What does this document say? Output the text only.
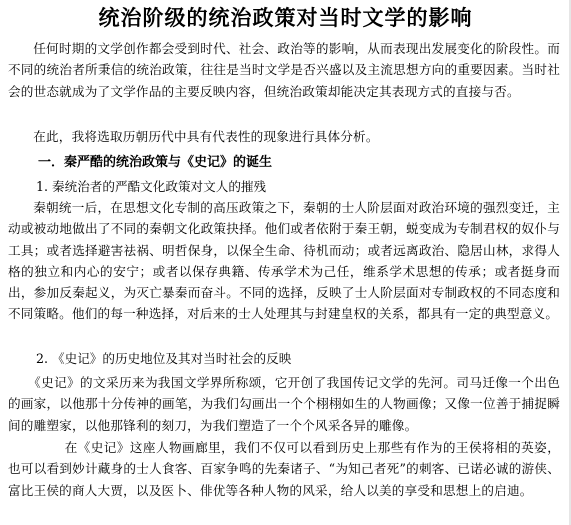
统治阶级的统治政策对当时文学的影响

任何时期的文学创作都会受到时代、社会、政治等的影响，从而表现出发展变化的阶段性。而不同的统治者所秉信的统治政策，往往是当时文学是否兴盛以及主流思想方向的重要因素。当时社会的世态就成为了文学作品的主要反映内容，但统治政策却能决定其表现方式的直接与否。

在此，我将选取历朝历代中具有代表性的现象进行具体分析。

一．秦严酷的统治政策与《史记》的诞生
1. 秦统治者的严酷文化政策对文人的摧残

秦朝统一后，在思想文化专制的高压政策之下，秦朝的士人阶层面对政治环境的强烈变迁，主动或被动地做出了不同的秦朝文化政策抉择。他们或者依附于秦王朝，蜕变成为专制君权的奴仆与工具；或者选择避害祛祸、明哲保身，以保全生命、待机而动；或者远离政治、隐居山林，求得人格的独立和内心的安宁；或者以保存典籍、传承学术为己任，维系学术思想的传承；或者挺身而出，参加反秦起义，为灭亡暴秦而奋斗。不同的选择，反映了士人阶层面对专制政权的不同态度和不同策略。他们的每一种选择，对后来的士人处理其与封建皇权的关系，都具有一定的典型意义。

2. 《史记》的历史地位及其对当时社会的反映

《史记》的文采历来为我国文学界所称颂，它开创了我国传记文学的先河。司马迁像一个出色的画家，以他那十分传神的画笔，为我们勾画出一个个栩栩如生的人物画像；又像一位善于捕捉瞬间的雕塑家，以他那锋利的刻刀，为我们塑造了一个个风采各异的雕像。

在《史记》这座人物画廊里，我们不仅可以看到历史上那些有作为的王侯将相的英姿，也可以看到妙计藏身的士人食客、百家争鸣的先秦诸子、“为知己者死”的刺客、已诺必诚的游侠、富比王侯的商人大贾，以及医卜、俳优等各种人物的风采，给人以美的享受和思想上的启迪。
